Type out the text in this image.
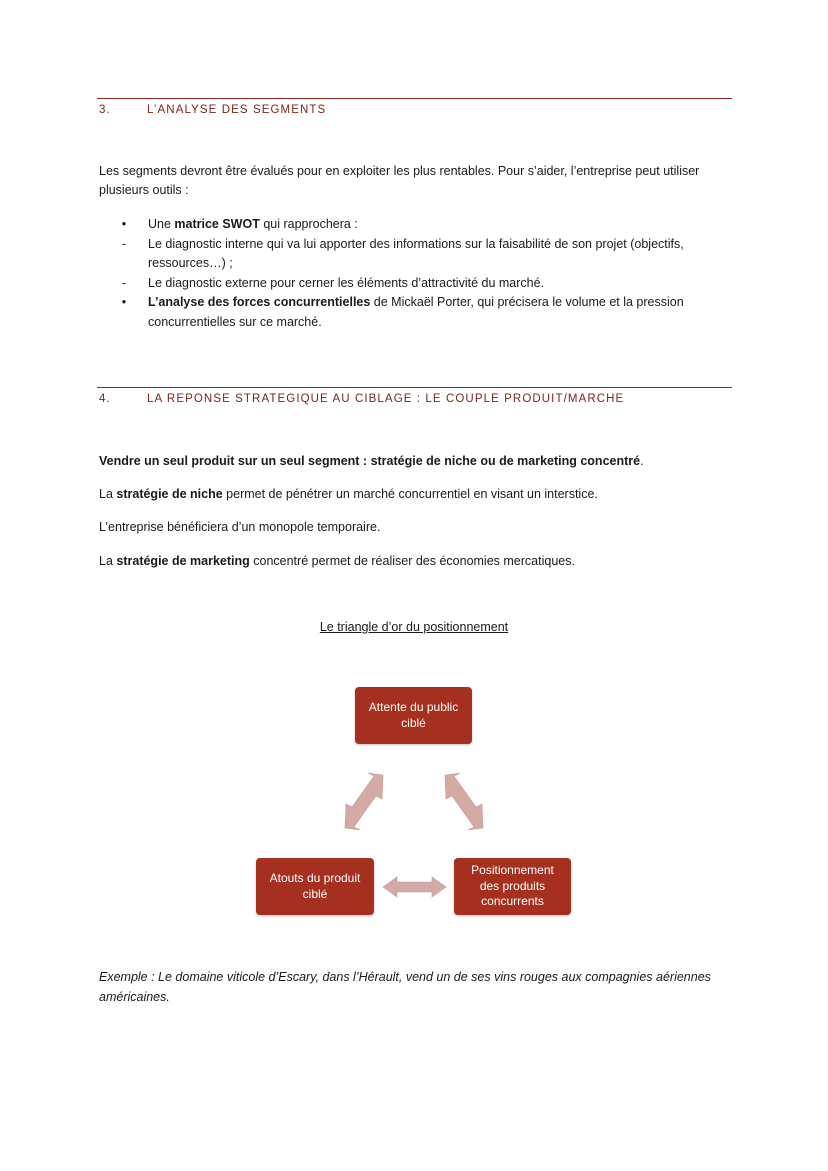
3.	L’ANALYSE DES SEGMENTS
Les segments devront être évalués pour en exploiter les plus rentables. Pour s’aider, l’entreprise peut utiliser plusieurs outils :
• Une matrice SWOT qui rapprochera :
- Le diagnostic interne qui va lui apporter des informations sur la faisabilité de son projet (objectifs, ressources…) ;
- Le diagnostic externe pour cerner les éléments d’attractivité du marché.
• L’analyse des forces concurrentielles de Mickaël Porter, qui précisera le volume et la pression concurrentielles sur ce marché.
4.	LA REPONSE STRATEGIQUE AU CIBLAGE : LE COUPLE PRODUIT/MARCHE
Vendre un seul produit sur un seul segment : stratégie de niche ou de marketing concentré.
La stratégie de niche permet de pénétrer un marché concurrentiel en visant un interstice.
L’entreprise bénéficiera d’un monopole temporaire.
La stratégie de marketing concentré permet de réaliser des économies mercatiques.
Le triangle d’or du positionnement
Attente du public ciblé
Atouts du produit ciblé
Positionnement des produits concurrents
Exemple : Le domaine viticole d’Escary, dans l’Hérault, vend un de ses vins rouges aux compagnies aériennes américaines.
